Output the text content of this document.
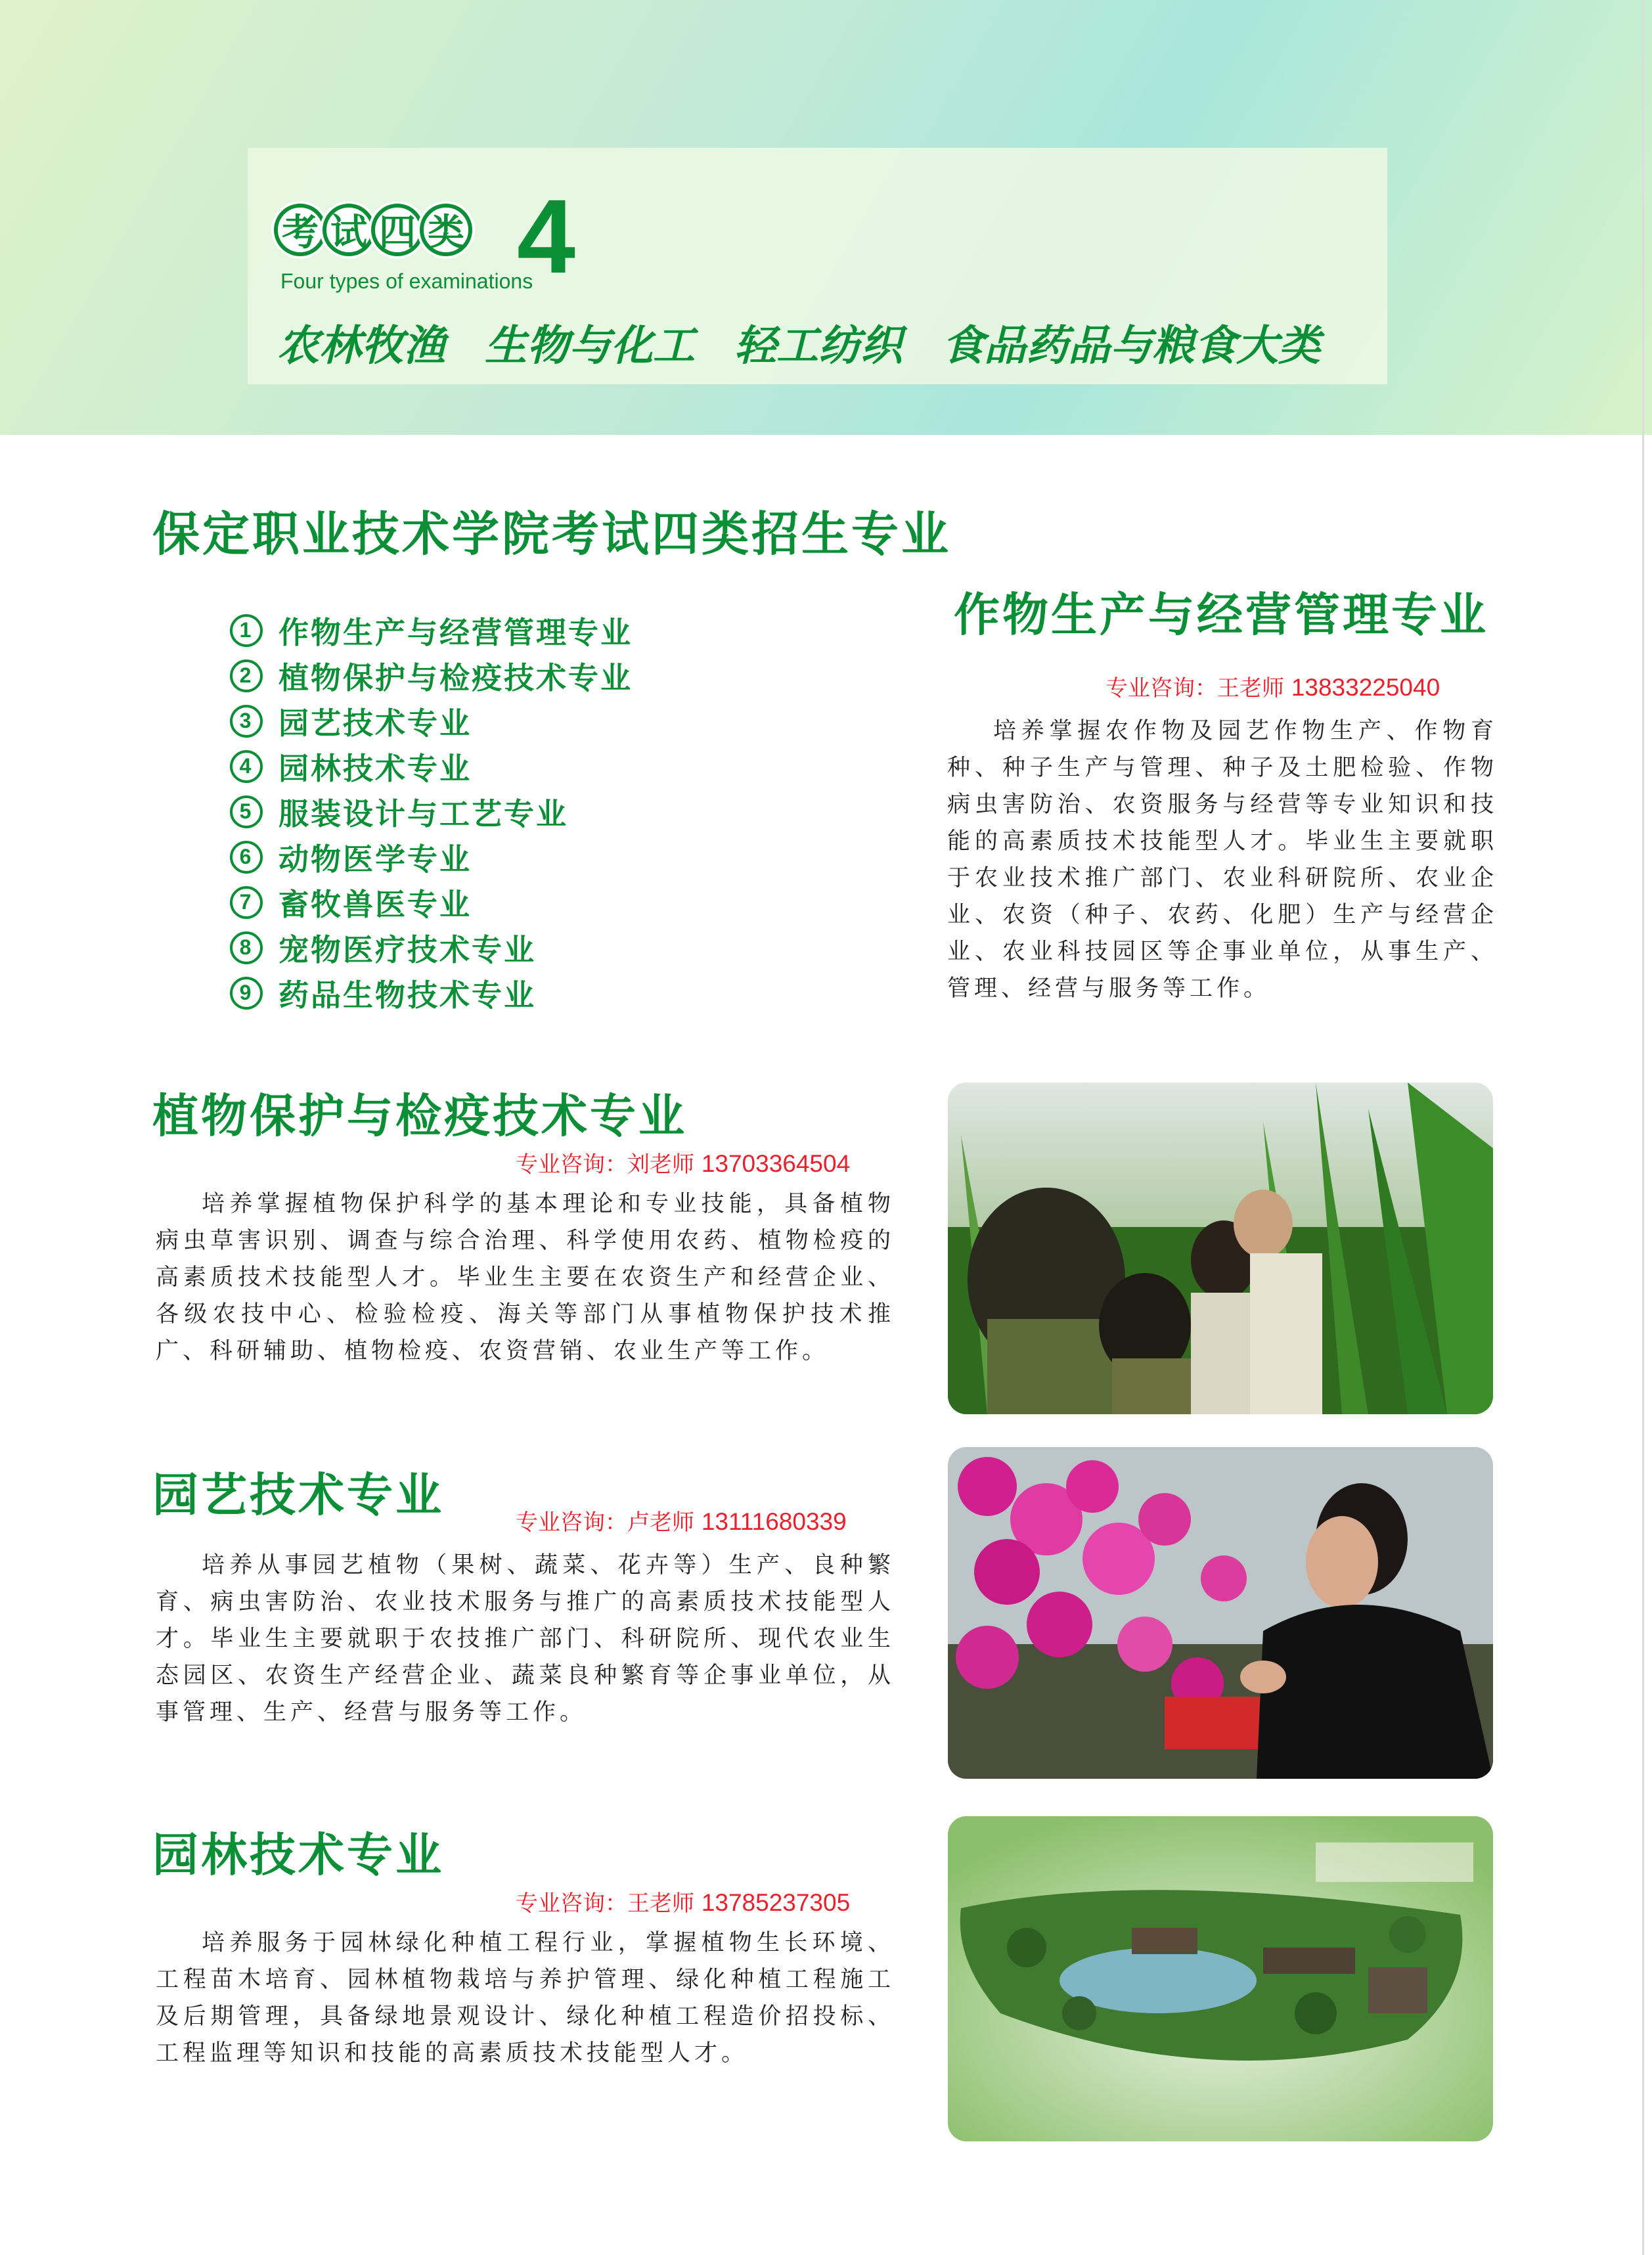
考 试 四 类 4
Four types of examinations
农林牧渔 生物与化工 轻工纺织 食品药品与粮食大类
保定职业技术学院考试四类招生专业
1 作物生产与经营管理专业
2 植物保护与检疫技术专业
3 园艺技术专业
4 园林技术专业
5 服装设计与工艺专业
6 动物医学专业
7 畜牧兽医专业
8 宠物医疗技术专业
9 药品生物技术专业
作物生产与经营管理专业
专业咨询：王老师 13833225040

培养掌握农作物及园艺作物生产、作物育种、种子生产与管理、种子及土肥检验、作物病虫害防治、农资服务与经营等专业知识和技能的高素质技术技能型人才。毕业生主要就职于农业技术推广部门、农业科研院所、农业企业、农资（种子、农药、化肥）生产与经营企业、农业科技园区等企事业单位，从事生产、管理、经营与服务等工作。

植物保护与检疫技术专业
专业咨询：刘老师 13703364504

培养掌握植物保护科学的基本理论和专业技能，具备植物病虫草害识别、调查与综合治理、科学使用农药、植物检疫的高素质技术技能型人才。毕业生主要在农资生产和经营企业、各级农技中心、检验检疫、海关等部门从事植物保护技术推广、科研辅助、植物检疫、农资营销、农业生产等工作。

园艺技术专业
专业咨询：卢老师 13111680339

培养从事园艺植物（果树、蔬菜、花卉等）生产、良种繁育、病虫害防治、农业技术服务与推广的高素质技术技能型人才。毕业生主要就职于农技推广部门、科研院所、现代农业生态园区、农资生产经营企业、蔬菜良种繁育等企事业单位，从事管理、生产、经营与服务等工作。

园林技术专业
专业咨询：王老师 13785237305

培养服务于园林绿化种植工程行业，掌握植物生长环境、工程苗木培育、园林植物栽培与养护管理、绿化种植工程施工及后期管理，具备绿地景观设计、绿化种植工程造价招投标、工程监理等知识和技能的高素质技术技能型人才。
